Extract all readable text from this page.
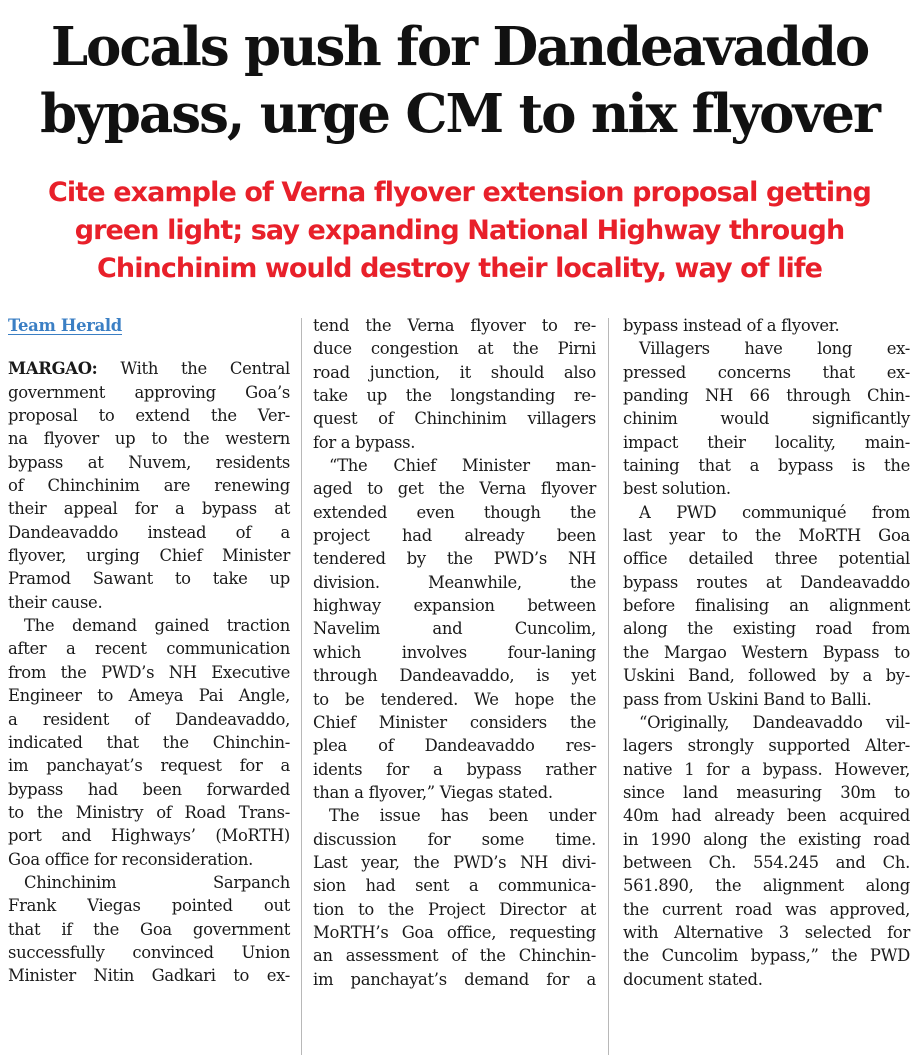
Locals push for Dandeavaddo
bypass, urge CM to nix flyover
Cite example of Verna flyover extension proposal getting
green light; say expanding National Highway through
Chinchinim would destroy their locality, way of life
Team Herald
MARGAO: With the Central
government approving Goa’s
proposal to extend the Ver-
na flyover up to the western
bypass at Nuvem, residents
of Chinchinim are renewing
their appeal for a bypass at
Dandeavaddo instead of a
flyover, urging Chief Minister
Pramod Sawant to take up
their cause.
The demand gained traction
after a recent communication
from the PWD’s NH Executive
Engineer to Ameya Pai Angle,
a resident of Dandeavaddo,
indicated that the Chinchin-
im panchayat’s request for a
bypass had been forwarded
to the Ministry of Road Trans-
port and Highways’ (MoRTH)
Goa office for reconsideration.
Chinchinim Sarpanch
Frank Viegas pointed out
that if the Goa government
successfully convinced Union
Minister Nitin Gadkari to ex-
tend the Verna flyover to re-
duce congestion at the Pirni
road junction, it should also
take up the longstanding re-
quest of Chinchinim villagers
for a bypass.
“The Chief Minister man-
aged to get the Verna flyover
extended even though the
project had already been
tendered by the PWD’s NH
division. Meanwhile, the
highway expansion between
Navelim and Cuncolim,
which involves four-laning
through Dandeavaddo, is yet
to be tendered. We hope the
Chief Minister considers the
plea of Dandeavaddo res-
idents for a bypass rather
than a flyover,” Viegas stated.
The issue has been under
discussion for some time.
Last year, the PWD’s NH divi-
sion had sent a communica-
tion to the Project Director at
MoRTH’s Goa office, requesting
an assessment of the Chinchin-
im panchayat’s demand for a
bypass instead of a flyover.
Villagers have long ex-
pressed concerns that ex-
panding NH 66 through Chin-
chinim would significantly
impact their locality, main-
taining that a bypass is the
best solution.
A PWD communiqué from
last year to the MoRTH Goa
office detailed three potential
bypass routes at Dandeavaddo
before finalising an alignment
along the existing road from
the Margao Western Bypass to
Uskini Band, followed by a by-
pass from Uskini Band to Balli.
“Originally, Dandeavaddo vil-
lagers strongly supported Alter-
native 1 for a bypass. However,
since land measuring 30m to
40m had already been acquired
in 1990 along the existing road
between Ch. 554.245 and Ch.
561.890, the alignment along
the current road was approved,
with Alternative 3 selected for
the Cuncolim bypass,” the PWD
document stated.
